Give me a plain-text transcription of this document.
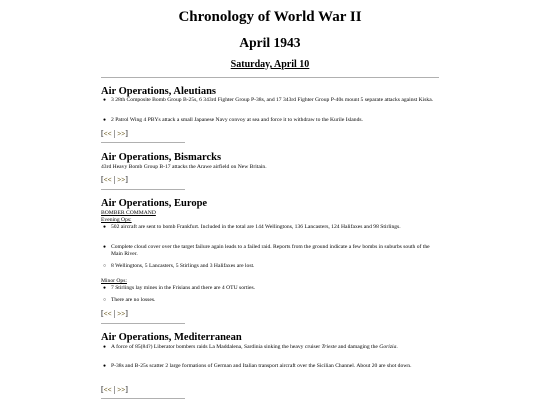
Chronology of World War II
April 1943
Saturday, April 10
Air Operations, Aleutians
● 3 28th Composite Bomb Group B-25s, 6 343rd Fighter Group P-38s, and 17 343rd Fighter Group P-40s mount 5 separate attacks against Kiska.
● 2 Patrol Wing 4 PBYs attack a small Japanese Navy convoy at sea and force it to withdraw to the Kurile Islands.
[<< | >>]
Air Operations, Bismarcks
43rd Heavy Bomb Group B-17 attacks the Arawe airfield on New Britain.
[<< | >>]
Air Operations, Europe
BOMBER COMMAND
Evening Ops:
● 502 aircraft are sent to bomb Frankfurt. Included in the total are 144 Wellingtons, 136 Lancasters, 124 Halifaxes and 98 Stirlings.
● Complete cloud cover over the target failure again leads to a failed raid. Reports from the ground indicate a few bombs in suburbs south of the Main River.
○ 8 Wellingtons, 5 Lancasters, 5 Stirlings and 3 Halifaxes are lost.
Minor Ops:
● 7 Stirlings lay mines in the Frisians and there are 4 OTU sorties.
○ There are no losses.
[<< | >>]
Air Operations, Mediterranean
● A force of 85(84?) Liberator bombers raids La Maddalena, Sardinia sinking the heavy cruiser Trieste and damaging the Gorizia.
● P-38s and B-25s scatter 2 large formations of German and Italian transport aircraft over the Sicilian Channel. About 20 are shot down.
[<< | >>]
